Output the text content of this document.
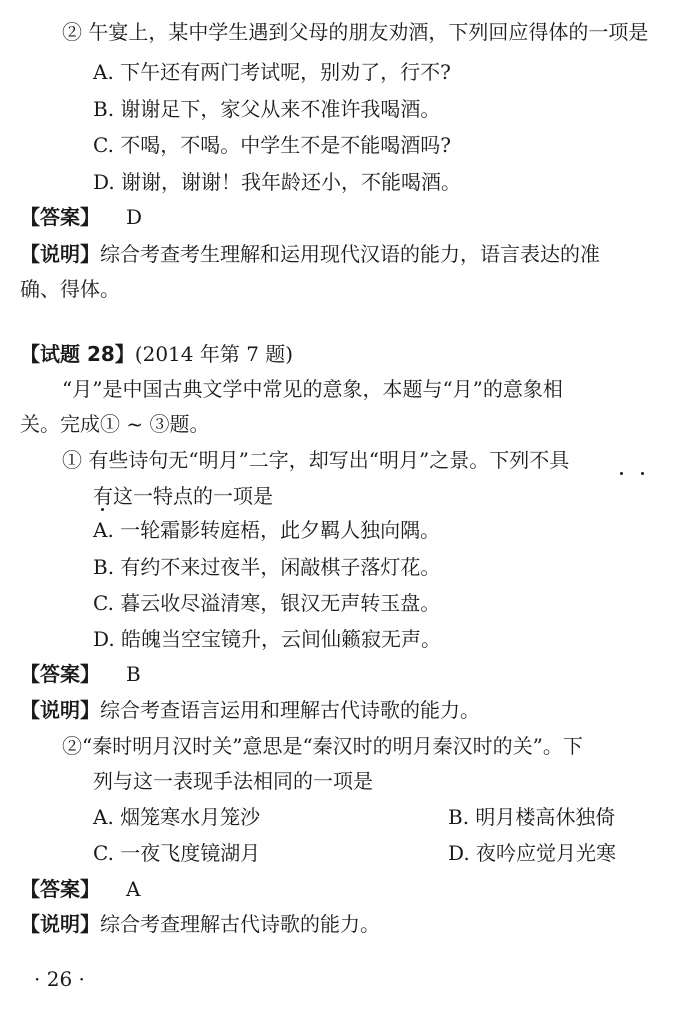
② 午宴上，某中学生遇到父母的朋友劝酒，下列回应得体的一项是
A. 下午还有两门考试呢，别劝了，行不?
B. 谢谢足下，家父从来不准许我喝酒。
C. 不喝，不喝。中学生不是不能喝酒吗?
D. 谢谢，谢谢！我年龄还小，不能喝酒。
【答案】 D
【说明】综合考查考生理解和运用现代汉语的能力，语言表达的准
确、得体。
【试题 28】(2014 年第 7 题)
“月”是中国古典文学中常见的意象，本题与“月”的意象相
关。完成① ~ ③题。
① 有些诗句无“明月”二字，却写出“明月”之景。下列不具
有这一特点的一项是
A. 一轮霜影转庭梧，此夕羁人独向隅。
B. 有约不来过夜半，闲敲棋子落灯花。
C. 暮云收尽溢清寒，银汉无声转玉盘。
D. 皓魄当空宝镜升，云间仙籁寂无声。
【答案】 B
【说明】综合考查语言运用和理解古代诗歌的能力。
②“秦时明月汉时关”意思是“秦汉时的明月秦汉时的关”。下
列与这一表现手法相同的一项是
A. 烟笼寒水月笼沙	B. 明月楼高休独倚
C. 一夜飞度镜湖月	D. 夜吟应觉月光寒
【答案】 A
【说明】综合考查理解古代诗歌的能力。
· 26 ·
